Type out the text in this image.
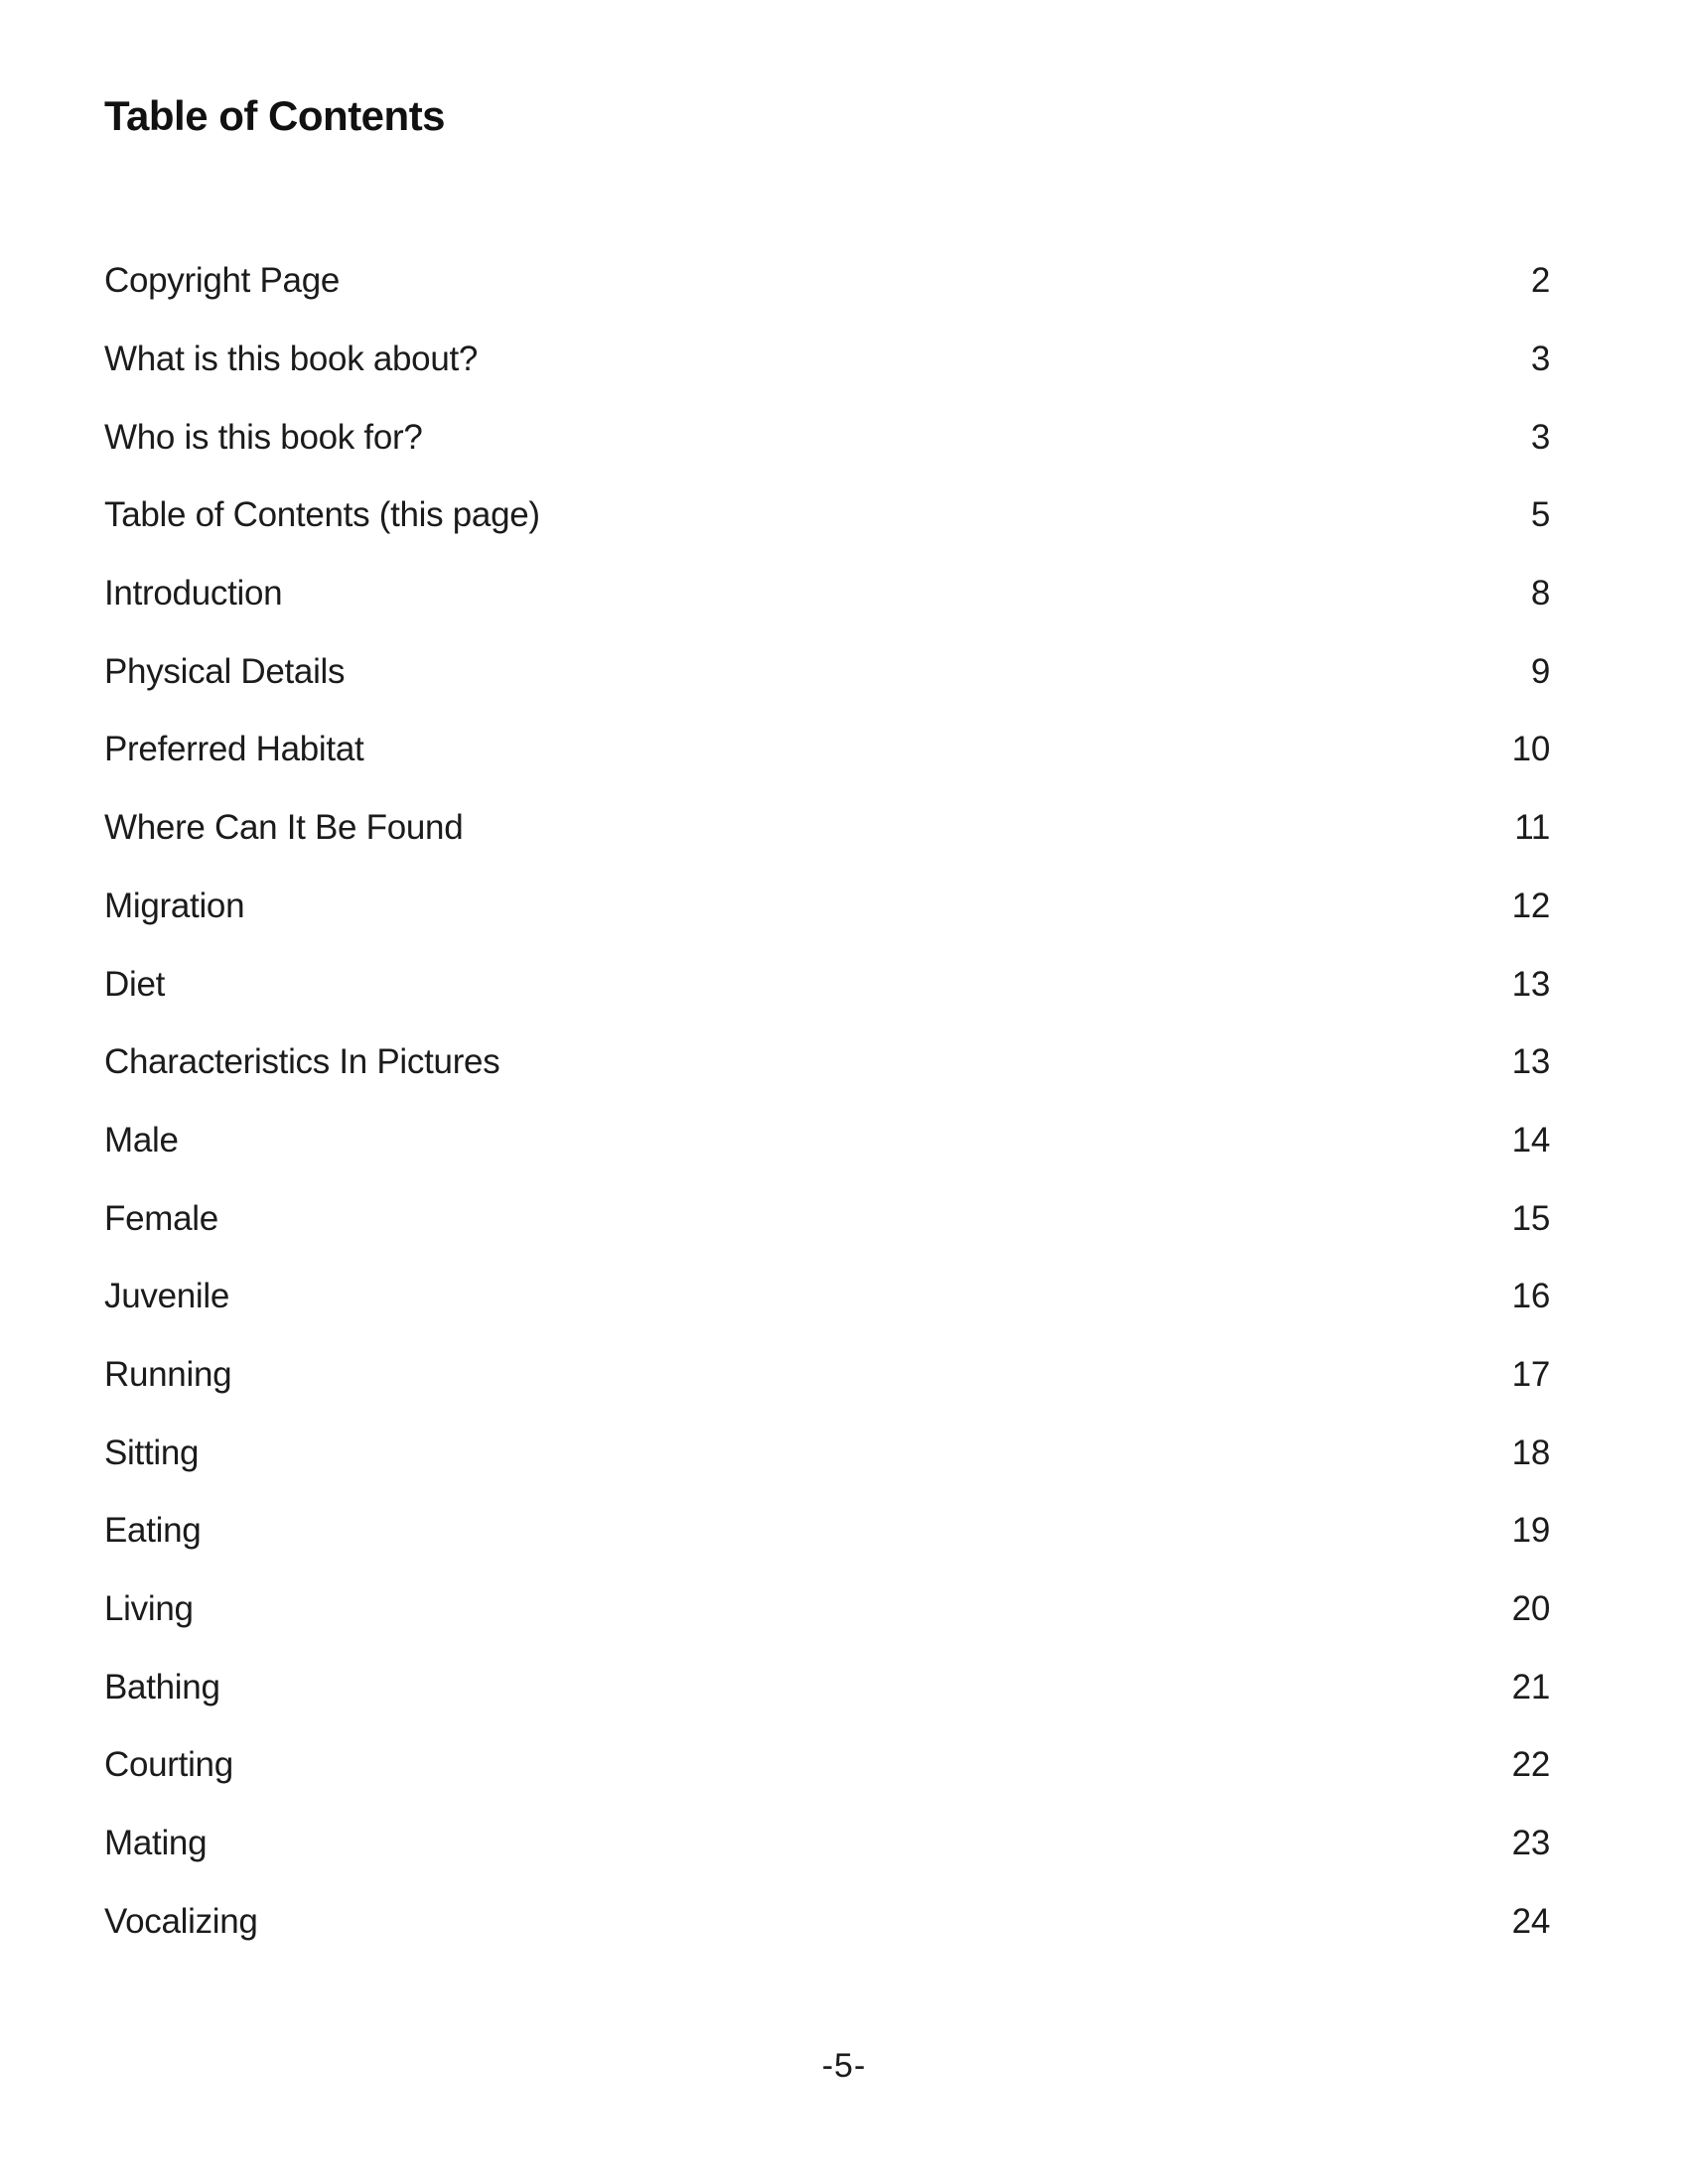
Table of Contents
Copyright Page	2
What is this book about?	3
Who is this book for?	3
Table of Contents (this page)	5
Introduction	8
Physical Details	9
Preferred Habitat	10
Where Can It Be Found	11
Migration	12
Diet	13
Characteristics In Pictures	13
Male	14
Female	15
Juvenile	16
Running	17
Sitting	18
Eating	19
Living	20
Bathing	21
Courting	22
Mating	23
Vocalizing	24
-5-
